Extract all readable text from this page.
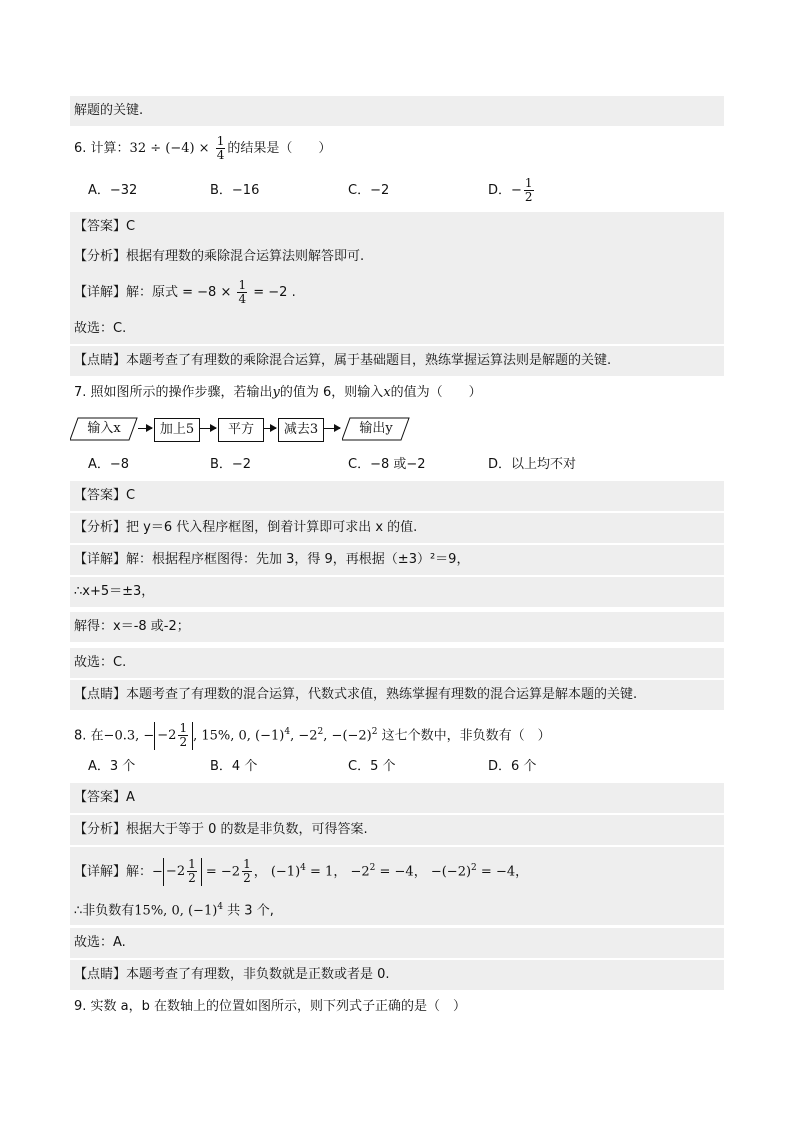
解题的关键.
6. 计算：$32 \div (-4) \times \frac{1}{4}$ 的结果是（　　）
A．−32	B．−16	C．−2	D．− $\frac{1}{2}$
【答案】C
【分析】根据有理数的乘除混合运算法则解答即可.
【详解】解：原式 = $-8 \times \frac{1}{4} = -2$ .
故选：C.
【点睛】本题考查了有理数的乘除混合运算，属于基础题目，熟练掌握运算法则是解题的关键.
7. 照如图所示的操作步骤，若输出y的值为 6，则输入x的值为（　　）
输入x	加上5	平方	减去3	输出y
A．−8	B．−2	C．−8 或−2	D．以上均不对
【答案】C
【分析】把 y＝6 代入程序框图，倒着计算即可求出 x 的值.
【详解】解：根据程序框图得：先加 3，得 9，再根据（±3）²＝9，
∴x+5＝±3，
解得：x＝-8 或-2；
故选：C.
【点睛】本题考查了有理数的混合运算，代数式求值，熟练掌握有理数的混合运算是解本题的关键.
8. 在−0.3, − $-2 \frac{1}{2}$ , 15%, 0, $(-1)^4$, $-2^2$, $-(-2)^2$ 这七个数中，非负数有（　）
A．3 个	B．4 个	C．5 个	D．6 个
【答案】A
【分析】根据大于等于 0 的数是非负数，可得答案.
【详解】解：− $-2 \frac{1}{2} = -2 \frac{1}{2}$ ， $(-1)^4 = 1$， $-2^2 = -4$， $-(-2)^2 = -4$，
∴非负数有15%, 0, $(-1)^4$ 共 3 个,
故选：A.
【点睛】本题考查了有理数，非负数就是正数或者是 0.
9. 实数 a，b 在数轴上的位置如图所示，则下列式子正确的是（　）
